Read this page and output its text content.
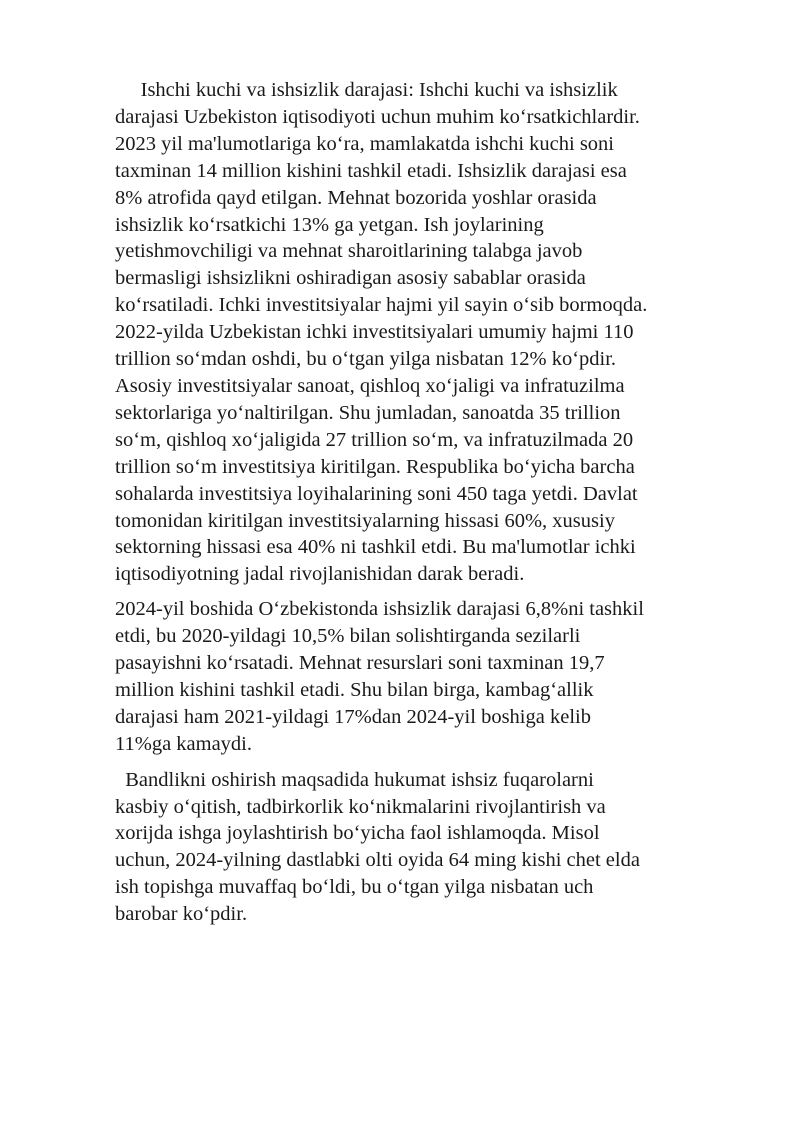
Ishchi kuchi va ishsizlik darajasi: Ishchi kuchi va ishsizlik
darajasi Uzbekiston iqtisodiyoti uchun muhim ko‘rsatkichlardir.
2023 yil ma'lumotlariga ko‘ra, mamlakatda ishchi kuchi soni
taxminan 14 million kishini tashkil etadi. Ishsizlik darajasi esa
8% atrofida qayd etilgan. Mehnat bozorida yoshlar orasida
ishsizlik ko‘rsatkichi 13% ga yetgan. Ish joylarining
yetishmovchiligi va mehnat sharoitlarining talabga javob
bermasligi ishsizlikni oshiradigan asosiy sabablar orasida
ko‘rsatiladi. Ichki investitsiyalar hajmi yil sayin o‘sib bormoqda.
2022-yilda Uzbekistan ichki investitsiyalari umumiy hajmi 110
trillion so‘mdan oshdi, bu o‘tgan yilga nisbatan 12% ko‘pdir.
Asosiy investitsiyalar sanoat, qishloq xo‘jaligi va infratuzilma
sektorlariga yo‘naltirilgan. Shu jumladan, sanoatda 35 trillion
so‘m, qishloq xo‘jaligida 27 trillion so‘m, va infratuzilmada 20
trillion so‘m investitsiya kiritilgan. Respublika bo‘yicha barcha
sohalarda investitsiya loyihalarining soni 450 taga yetdi. Davlat
tomonidan kiritilgan investitsiyalarning hissasi 60%, xususiy
sektorning hissasi esa 40% ni tashkil etdi. Bu ma'lumotlar ichki
iqtisodiyotning jadal rivojlanishidan darak beradi.

2024-yil boshida O‘zbekistonda ishsizlik darajasi 6,8%ni tashkil
etdi, bu 2020-yildagi 10,5% bilan solishtirganda sezilarli
pasayishni ko‘rsatadi. Mehnat resurslari soni taxminan 19,7
million kishini tashkil etadi. Shu bilan birga, kambag‘allik
darajasi ham 2021-yildagi 17%dan 2024-yil boshiga kelib
11%ga kamaydi.

Bandlikni oshirish maqsadida hukumat ishsiz fuqarolarni
kasbiy o‘qitish, tadbirkorlik ko‘nikmalarini rivojlantirish va
xorijda ishga joylashtirish bo‘yicha faol ishlamoqda. Misol
uchun, 2024-yilning dastlabki olti oyida 64 ming kishi chet elda
ish topishga muvaffaq bo‘ldi, bu o‘tgan yilga nisbatan uch
barobar ko‘pdir.
